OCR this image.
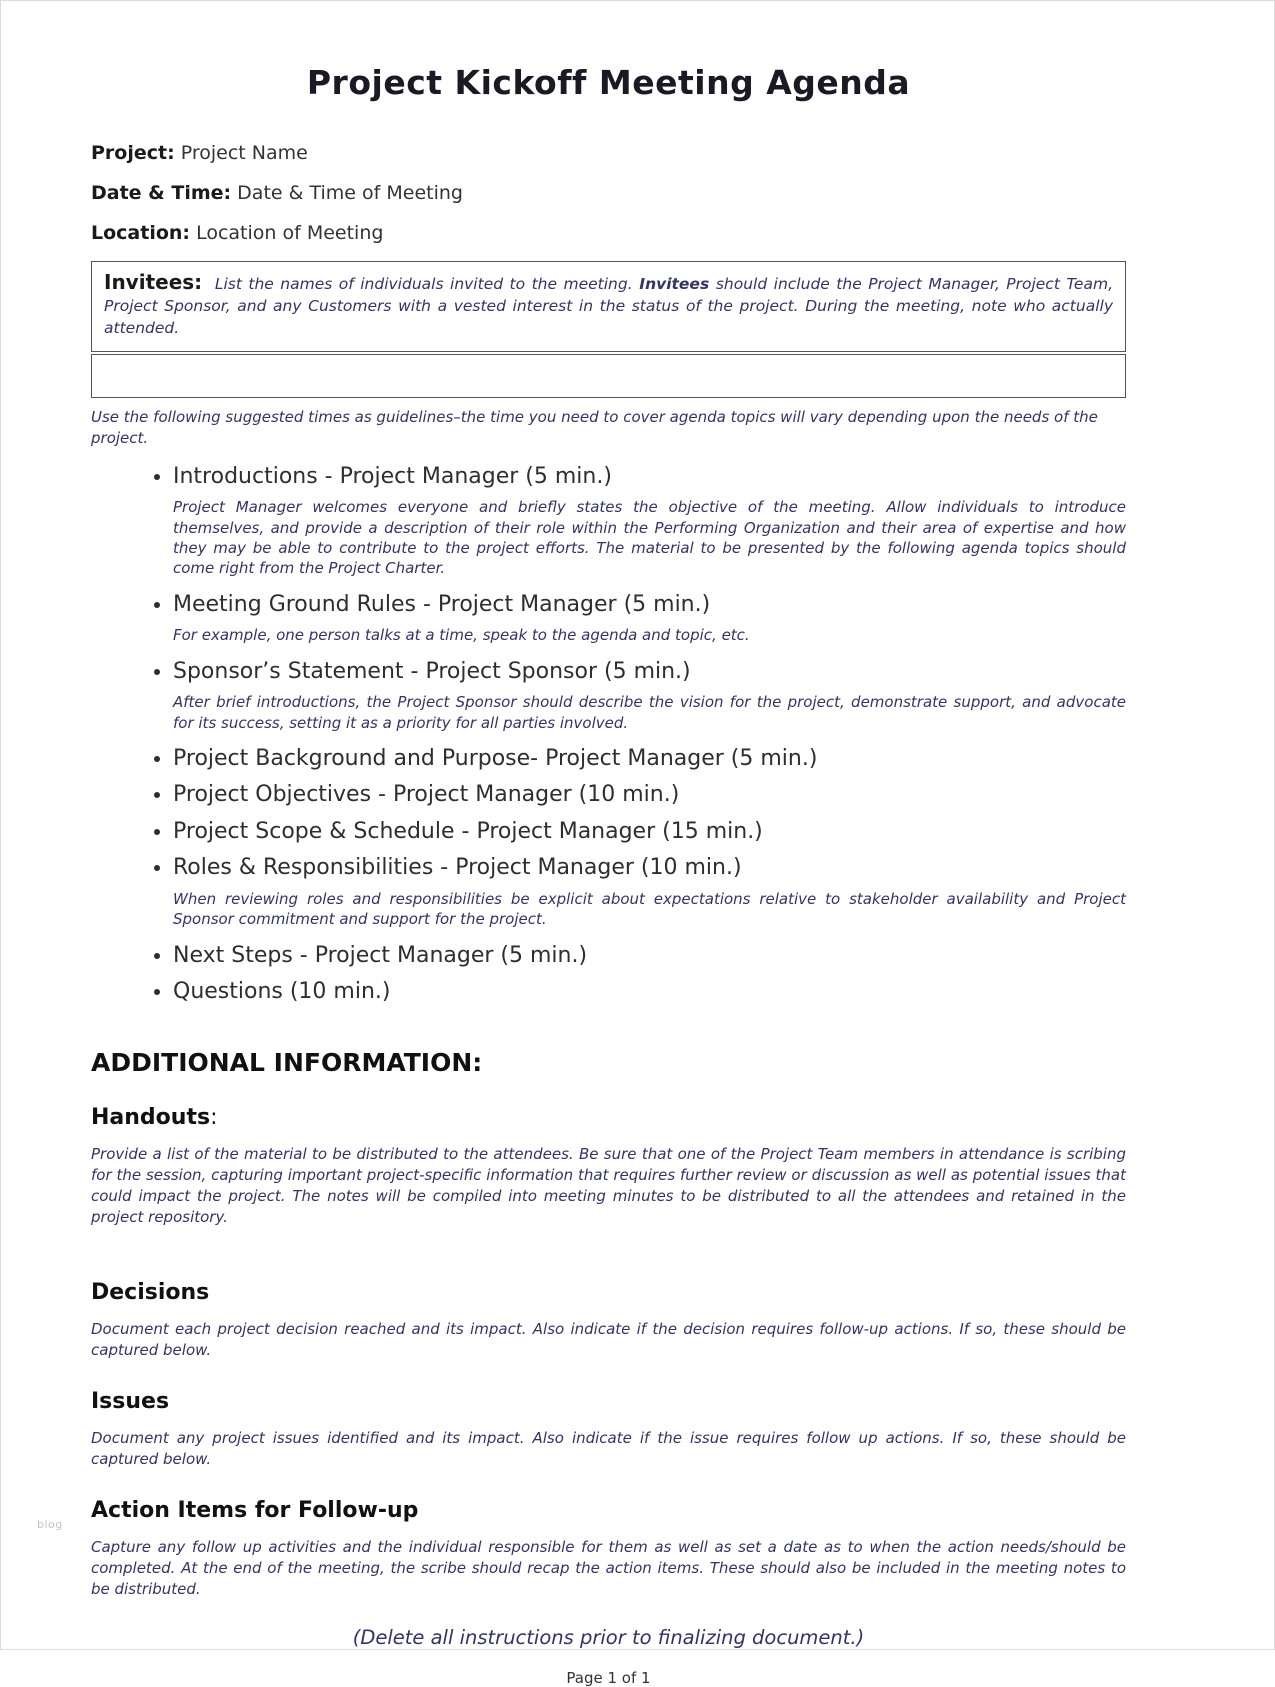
Project Kickoff Meeting Agenda

Project: Project Name

Date & Time: Date & Time of Meeting

Location: Location of Meeting

Invitees: List the names of individuals invited to the meeting. Invitees should include the Project Manager, Project Team, Project Sponsor, and any Customers with a vested interest in the status of the project. During the meeting, note who actually attended.

Use the following suggested times as guidelines–the time you need to cover agenda topics will vary depending upon the needs of the project.

• Introductions - Project Manager (5 min.)
Project Manager welcomes everyone and briefly states the objective of the meeting. Allow individuals to introduce themselves, and provide a description of their role within the Performing Organization and their area of expertise and how they may be able to contribute to the project efforts. The material to be presented by the following agenda topics should come right from the Project Charter.
• Meeting Ground Rules - Project Manager (5 min.)
For example, one person talks at a time, speak to the agenda and topic, etc.
• Sponsor’s Statement - Project Sponsor (5 min.)
After brief introductions, the Project Sponsor should describe the vision for the project, demonstrate support, and advocate for its success, setting it as a priority for all parties involved.
• Project Background and Purpose- Project Manager (5 min.)
• Project Objectives - Project Manager (10 min.)
• Project Scope & Schedule - Project Manager (15 min.)
• Roles & Responsibilities - Project Manager (10 min.)
When reviewing roles and responsibilities be explicit about expectations relative to stakeholder availability and Project Sponsor commitment and support for the project.
• Next Steps - Project Manager (5 min.)
• Questions (10 min.)
ADDITIONAL INFORMATION:
Handouts:

Provide a list of the material to be distributed to the attendees. Be sure that one of the Project Team members in attendance is scribing for the session, capturing important project-specific information that requires further review or discussion as well as potential issues that could impact the project. The notes will be compiled into meeting minutes to be distributed to all the attendees and retained in the project repository.

Decisions

Document each project decision reached and its impact. Also indicate if the decision requires follow-up actions. If so, these should be captured below.

Issues

Document any project issues identified and its impact. Also indicate if the issue requires follow up actions. If so, these should be captured below.

Action Items for Follow-up

Capture any follow up activities and the individual responsible for them as well as set a date as to when the action needs/should be completed. At the end of the meeting, the scribe should recap the action items. These should also be included in the meeting notes to be distributed.

(Delete all instructions prior to finalizing document.)

Page 1 of 1

blog
